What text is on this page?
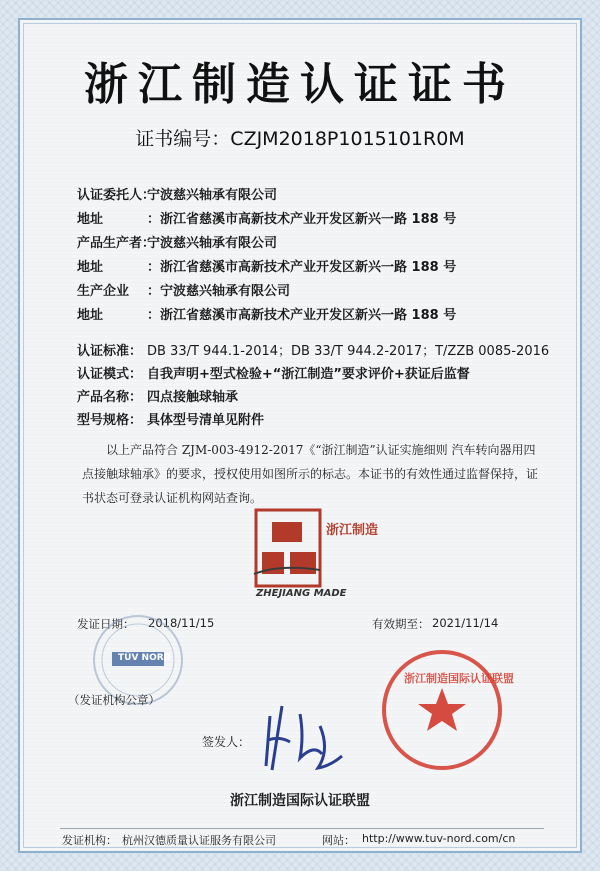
浙江制造认证证书
证书编号：CZJM2018P1015101R0M
认证委托人：宁波慈兴轴承有限公司
地址	：浙江省慈溪市高新技术产业开发区新兴一路 188 号
产品生产者：宁波慈兴轴承有限公司
地址	：浙江省慈溪市高新技术产业开发区新兴一路 188 号
生产企业 ：宁波慈兴轴承有限公司
地址	：浙江省慈溪市高新技术产业开发区新兴一路 188 号
认证标准： DB 33/T 944.1-2014；DB 33/T 944.2-2017；T/ZZB 0085-2016
认证模式： 自我声明+型式检验+“浙江制造”要求评价+获证后监督
产品名称： 四点接触球轴承
型号规格： 具体型号清单见附件
以上产品符合 ZJM-003-4912-2017《“浙江制造”认证实施细则 汽车转向器用四点接触球轴承》的要求，授权使用如图所示的标志。本证书的有效性通过监督保持，证书状态可登录认证机构网站查询。
浙江制造
ZHEJIANG MADE
发证日期： 2018/11/15	有效期至： 2021/11/14
TÜV NORD
（发证机构公章）
浙江制造国际认证联盟
签发人：
浙江制造国际认证联盟
发证机构： 杭州汉德质量认证服务有限公司	网站： http://www.tuv-nord.com/cn
